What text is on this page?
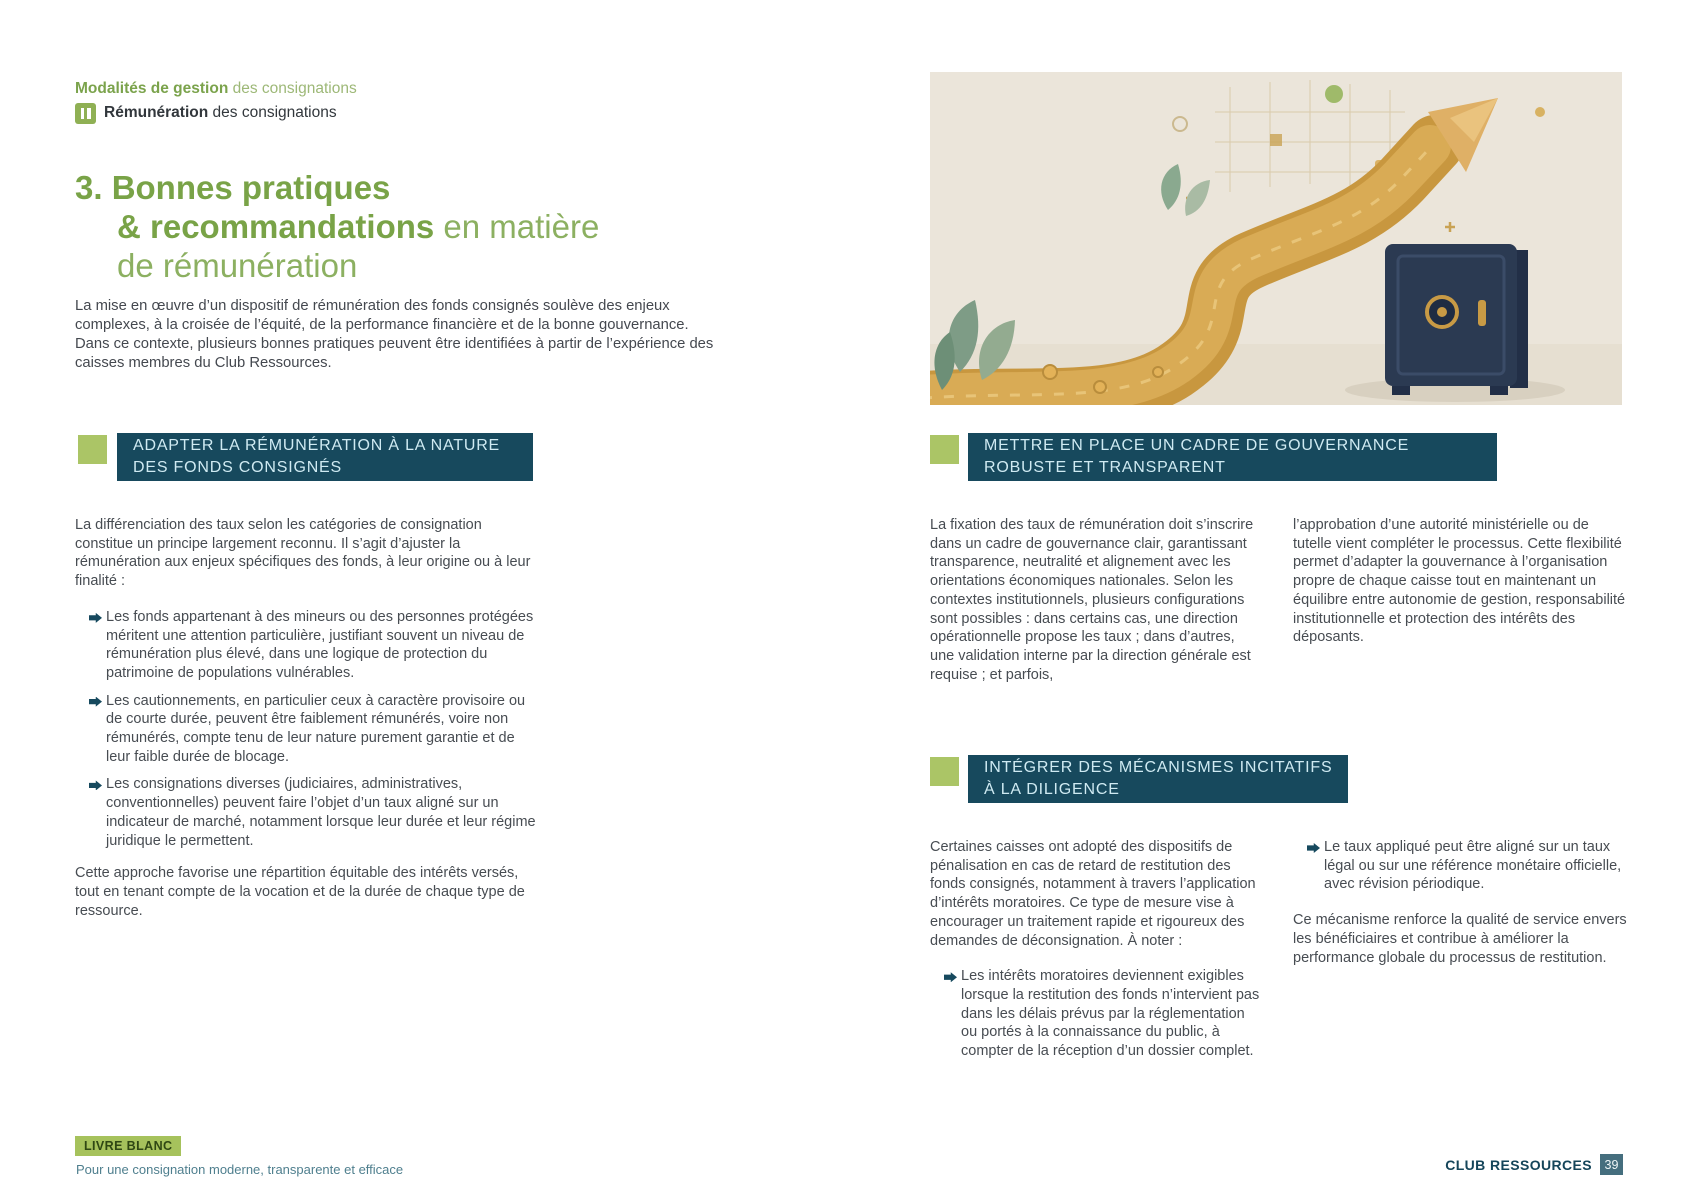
Modalités de gestion des consignations
Rémunération des consignations
3. Bonnes pratiques
& recommandations en matière
de rémunération

La mise en œuvre d’un dispositif de rémunération des fonds consignés soulève des enjeux complexes, à la croisée de l’équité, de la performance financière et de la bonne gouvernance. Dans ce contexte, plusieurs bonnes pratiques peuvent être identifiées à partir de l’expérience des caisses membres du Club Ressources.

ADAPTER LA RÉMUNÉRATION À LA NATURE
DES FONDS CONSIGNÉS

La différenciation des taux selon les catégories de consignation constitue un principe largement reconnu. Il s’agit d’ajuster la rémunération aux enjeux spécifiques des fonds, à leur origine ou à leur finalité :

Les fonds appartenant à des mineurs ou des personnes protégées méritent une attention particulière, justifiant souvent un niveau de rémunération plus élevé, dans une logique de protection du patrimoine de populations vulnérables.
Les cautionnements, en particulier ceux à caractère provisoire ou de courte durée, peuvent être faiblement rémunérés, voire non rémunérés, compte tenu de leur nature purement garantie et de leur faible durée de blocage.
Les consignations diverses (judiciaires, administratives, conventionnelles) peuvent faire l’objet d’un taux aligné sur un indicateur de marché, notamment lorsque leur durée et leur régime juridique le permettent.

Cette approche favorise une répartition équitable des intérêts versés, tout en tenant compte de la vocation et de la durée de chaque type de ressource.

METTRE EN PLACE UN CADRE DE GOUVERNANCE
ROBUSTE ET TRANSPARENT

La fixation des taux de rémunération doit s’inscrire dans un cadre de gouvernance clair, garantissant transparence, neutralité et alignement avec les orientations économiques nationales. Selon les contextes institutionnels, plusieurs configurations sont possibles : dans certains cas, une direction opérationnelle propose les taux ; dans d’autres, une validation interne par la direction générale est requise ; et parfois,

l’approbation d’une autorité ministérielle ou de tutelle vient compléter le processus. Cette flexibilité permet d’adapter la gouvernance à l’organisation propre de chaque caisse tout en maintenant un équilibre entre autonomie de gestion, responsabilité institutionnelle et protection des intérêts des déposants.

INTÉGRER DES MÉCANISMES INCITATIFS
À LA DILIGENCE

Certaines caisses ont adopté des dispositifs de pénalisation en cas de retard de restitution des fonds consignés, notamment à travers l’application d’intérêts moratoires. Ce type de mesure vise à encourager un traitement rapide et rigoureux des demandes de déconsignation. À noter :

Les intérêts moratoires deviennent exigibles lorsque la restitution des fonds n’intervient pas dans les délais prévus par la réglementation ou portés à la connaissance du public, à compter de la réception d’un dossier complet.
Le taux appliqué peut être aligné sur un taux légal ou sur une référence monétaire officielle, avec révision périodique.

Ce mécanisme renforce la qualité de service envers les bénéficiaires et contribue à améliorer la performance globale du processus de restitution.

LIVRE BLANC
Pour une consignation moderne, transparente et efficace	CLUB RESSOURCES	39
